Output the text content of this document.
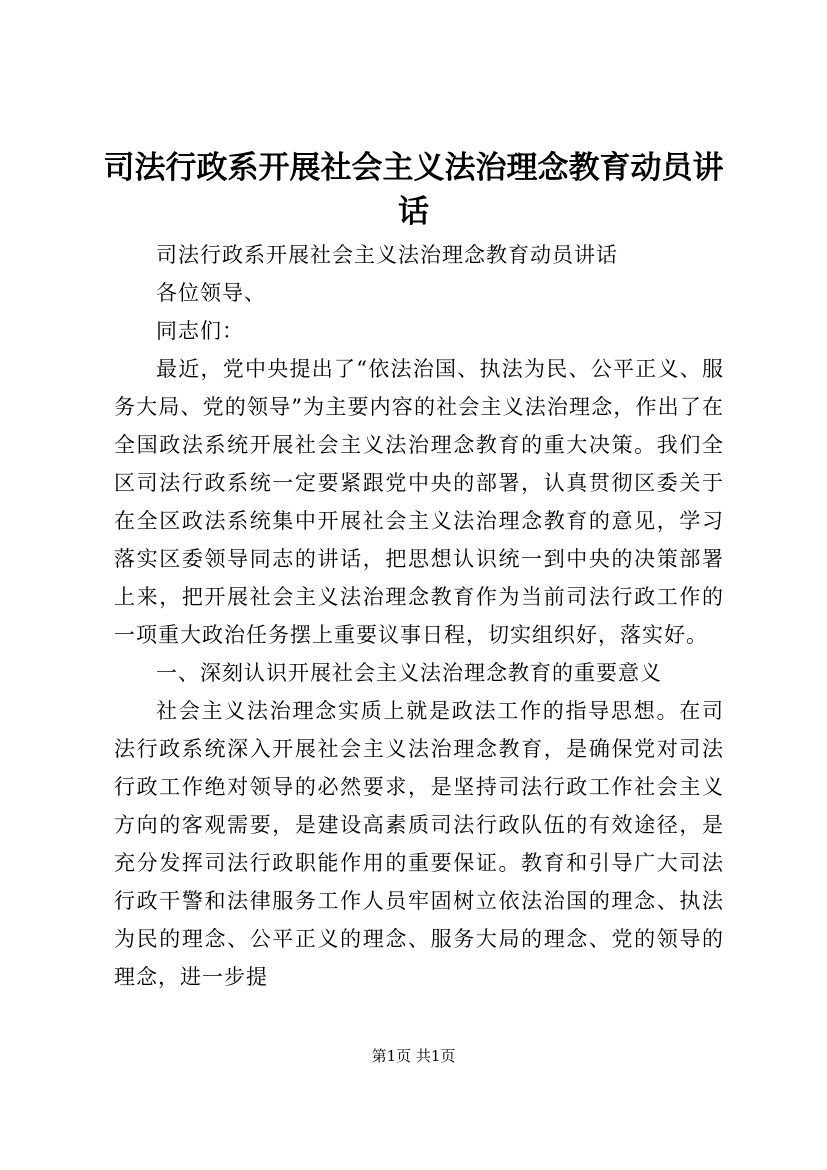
司法行政系开展社会主义法治理念教育动员讲话

司法行政系开展社会主义法治理念教育动员讲话

各位领导、

同志们：

最近，党中央提出了“依法治国、执法为民、公平正义、服务大局、党的领导”为主要内容的社会主义法治理念，作出了在全国政法系统开展社会主义法治理念教育的重大决策。我们全区司法行政系统一定要紧跟党中央的部署，认真贯彻区委关于在全区政法系统集中开展社会主义法治理念教育的意见，学习落实区委领导同志的讲话，把思想认识统一到中央的决策部署上来，把开展社会主义法治理念教育作为当前司法行政工作的一项重大政治任务摆上重要议事日程，切实组织好，落实好。

一、深刻认识开展社会主义法治理念教育的重要意义

社会主义法治理念实质上就是政法工作的指导思想。在司法行政系统深入开展社会主义法治理念教育，是确保党对司法行政工作绝对领导的必然要求，是坚持司法行政工作社会主义方向的客观需要，是建设高素质司法行政队伍的有效途径，是充分发挥司法行政职能作用的重要保证。教育和引导广大司法行政干警和法律服务工作人员牢固树立依法治国的理念、执法为民的理念、公平正义的理念、服务大局的理念、党的领导的理念，进一步提

第1页 共1页
